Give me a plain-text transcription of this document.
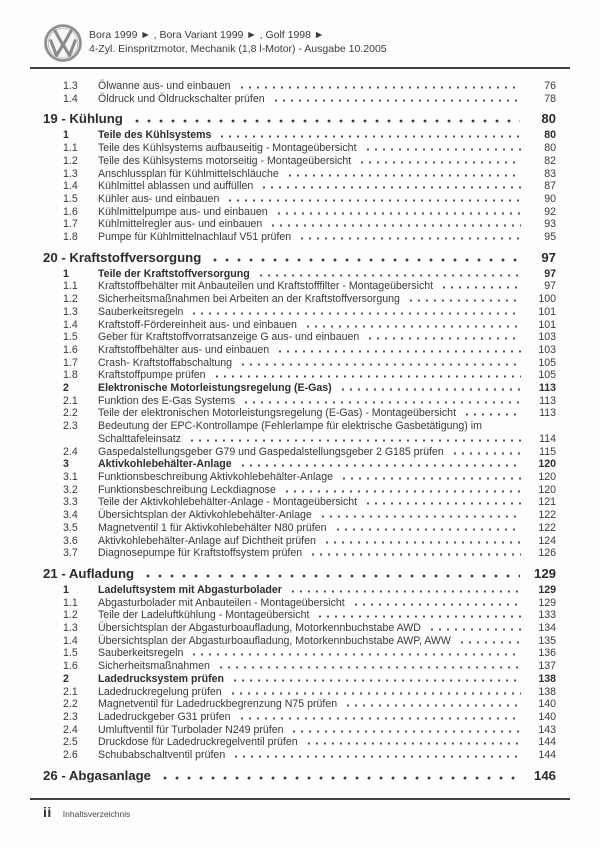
Bora 1999 ► , Bora Variant 1999 ► , Golf 1998 ►
4-Zyl. Einspritzmotor, Mechanik (1,8 l-Motor) - Ausgabe 10.2005
1.3	Ölwanne aus- und einbauen	76
1.4	Öldruck und Öldruckschalter prüfen	78
19 - Kühlung	80
1	Teile des Kühlsystems	80
1.1	Teile des Kühlsystems aufbauseitig - Montageübersicht	80
1.2	Teile des Kühlsystems motorseitig - Montageübersicht	82
1.3	Anschlussplan für Kühlmittelschläuche	83
1.4	Kühlmittel ablassen und auffüllen	87
1.5	Kühler aus- und einbauen	90
1.6	Kühlmittelpumpe aus- und einbauen	92
1.7	Kühlmittelregler aus- und einbauen	93
1.8	Pumpe für Kühlmittelnachlauf V51 prüfen	95
20 - Kraftstoffversorgung	97
1	Teile der Kraftstoffversorgung	97
1.1	Kraftstoffbehälter mit Anbauteilen und Kraftstofffilter - Montageübersicht	97
1.2	Sicherheitsmaßnahmen bei Arbeiten an der Kraftstoffversorgung	100
1.3	Sauberkeitsregeln	101
1.4	Kraftstoff-Fördereinheit aus- und einbauen	101
1.5	Geber für Kraftstoffvorratsanzeige G aus- und einbauen	103
1.6	Kraftstoffbehälter aus- und einbauen	103
1.7	Crash- Kraftstoffabschaltung	105
1.8	Kraftstoffpumpe prüfen	105
2	Elektronische Motorleistungsregelung (E-Gas)	113
2.1	Funktion des E-Gas Systems	113
2.2	Teile der elektronischen Motorleistungsregelung (E-Gas) - Montageübersicht	113
2.3	Bedeutung der EPC-Kontrollampe (Fehlerlampe für elektrische Gasbetätigung) im
Schalttafeleinsatz	114
2.4	Gaspedalstellungsgeber G79 und Gaspedalstellungsgeber 2 G185 prüfen	115
3	Aktivkohlebehälter-Anlage	120
3.1	Funktionsbeschreibung Aktivkohlebehälter-Anlage	120
3.2	Funktionsbeschreibung Leckdiagnose	120
3.3	Teile der Aktivkohlebehälter-Anlage - Montageübersicht	121
3.4	Übersichtsplan der Aktivkohlebehälter-Anlage	122
3.5	Magnetventil 1 für Aktivkohlebehälter N80 prüfen	122
3.6	Aktivkohlebehälter-Anlage auf Dichtheit prüfen	124
3.7	Diagnosepumpe für Kraftstoffsystem prüfen	126
21 - Aufladung	129
1	Ladeluftsystem mit Abgasturbolader	129
1.1	Abgasturbolader mit Anbauteilen - Montageübersicht	129
1.2	Teile der Ladeluftkühlung - Montageübersicht	133
1.3	Übersichtsplan der Abgasturboaufladung, Motorkennbuchstabe AWD	134
1.4	Übersichtsplan der Abgasturboaufladung, Motorkennbuchstabe AWP, AWW	135
1.5	Sauberkeitsregeln	136
1.6	Sicherheitsmaßnahmen	137
2	Ladedrucksystem prüfen	138
2.1	Ladedruckregelung prüfen	138
2.2	Magnetventil für Ladedruckbegrenzung N75 prüfen	140
2.3	Ladedruckgeber G31 prüfen	140
2.4	Umluftventil für Turbolader N249 prüfen	143
2.5	Druckdose für Ladedruckregelventil prüfen	144
2.6	Schubabschaltventil prüfen	144
26 - Abgasanlage	146
ii Inhaltsverzeichnis
